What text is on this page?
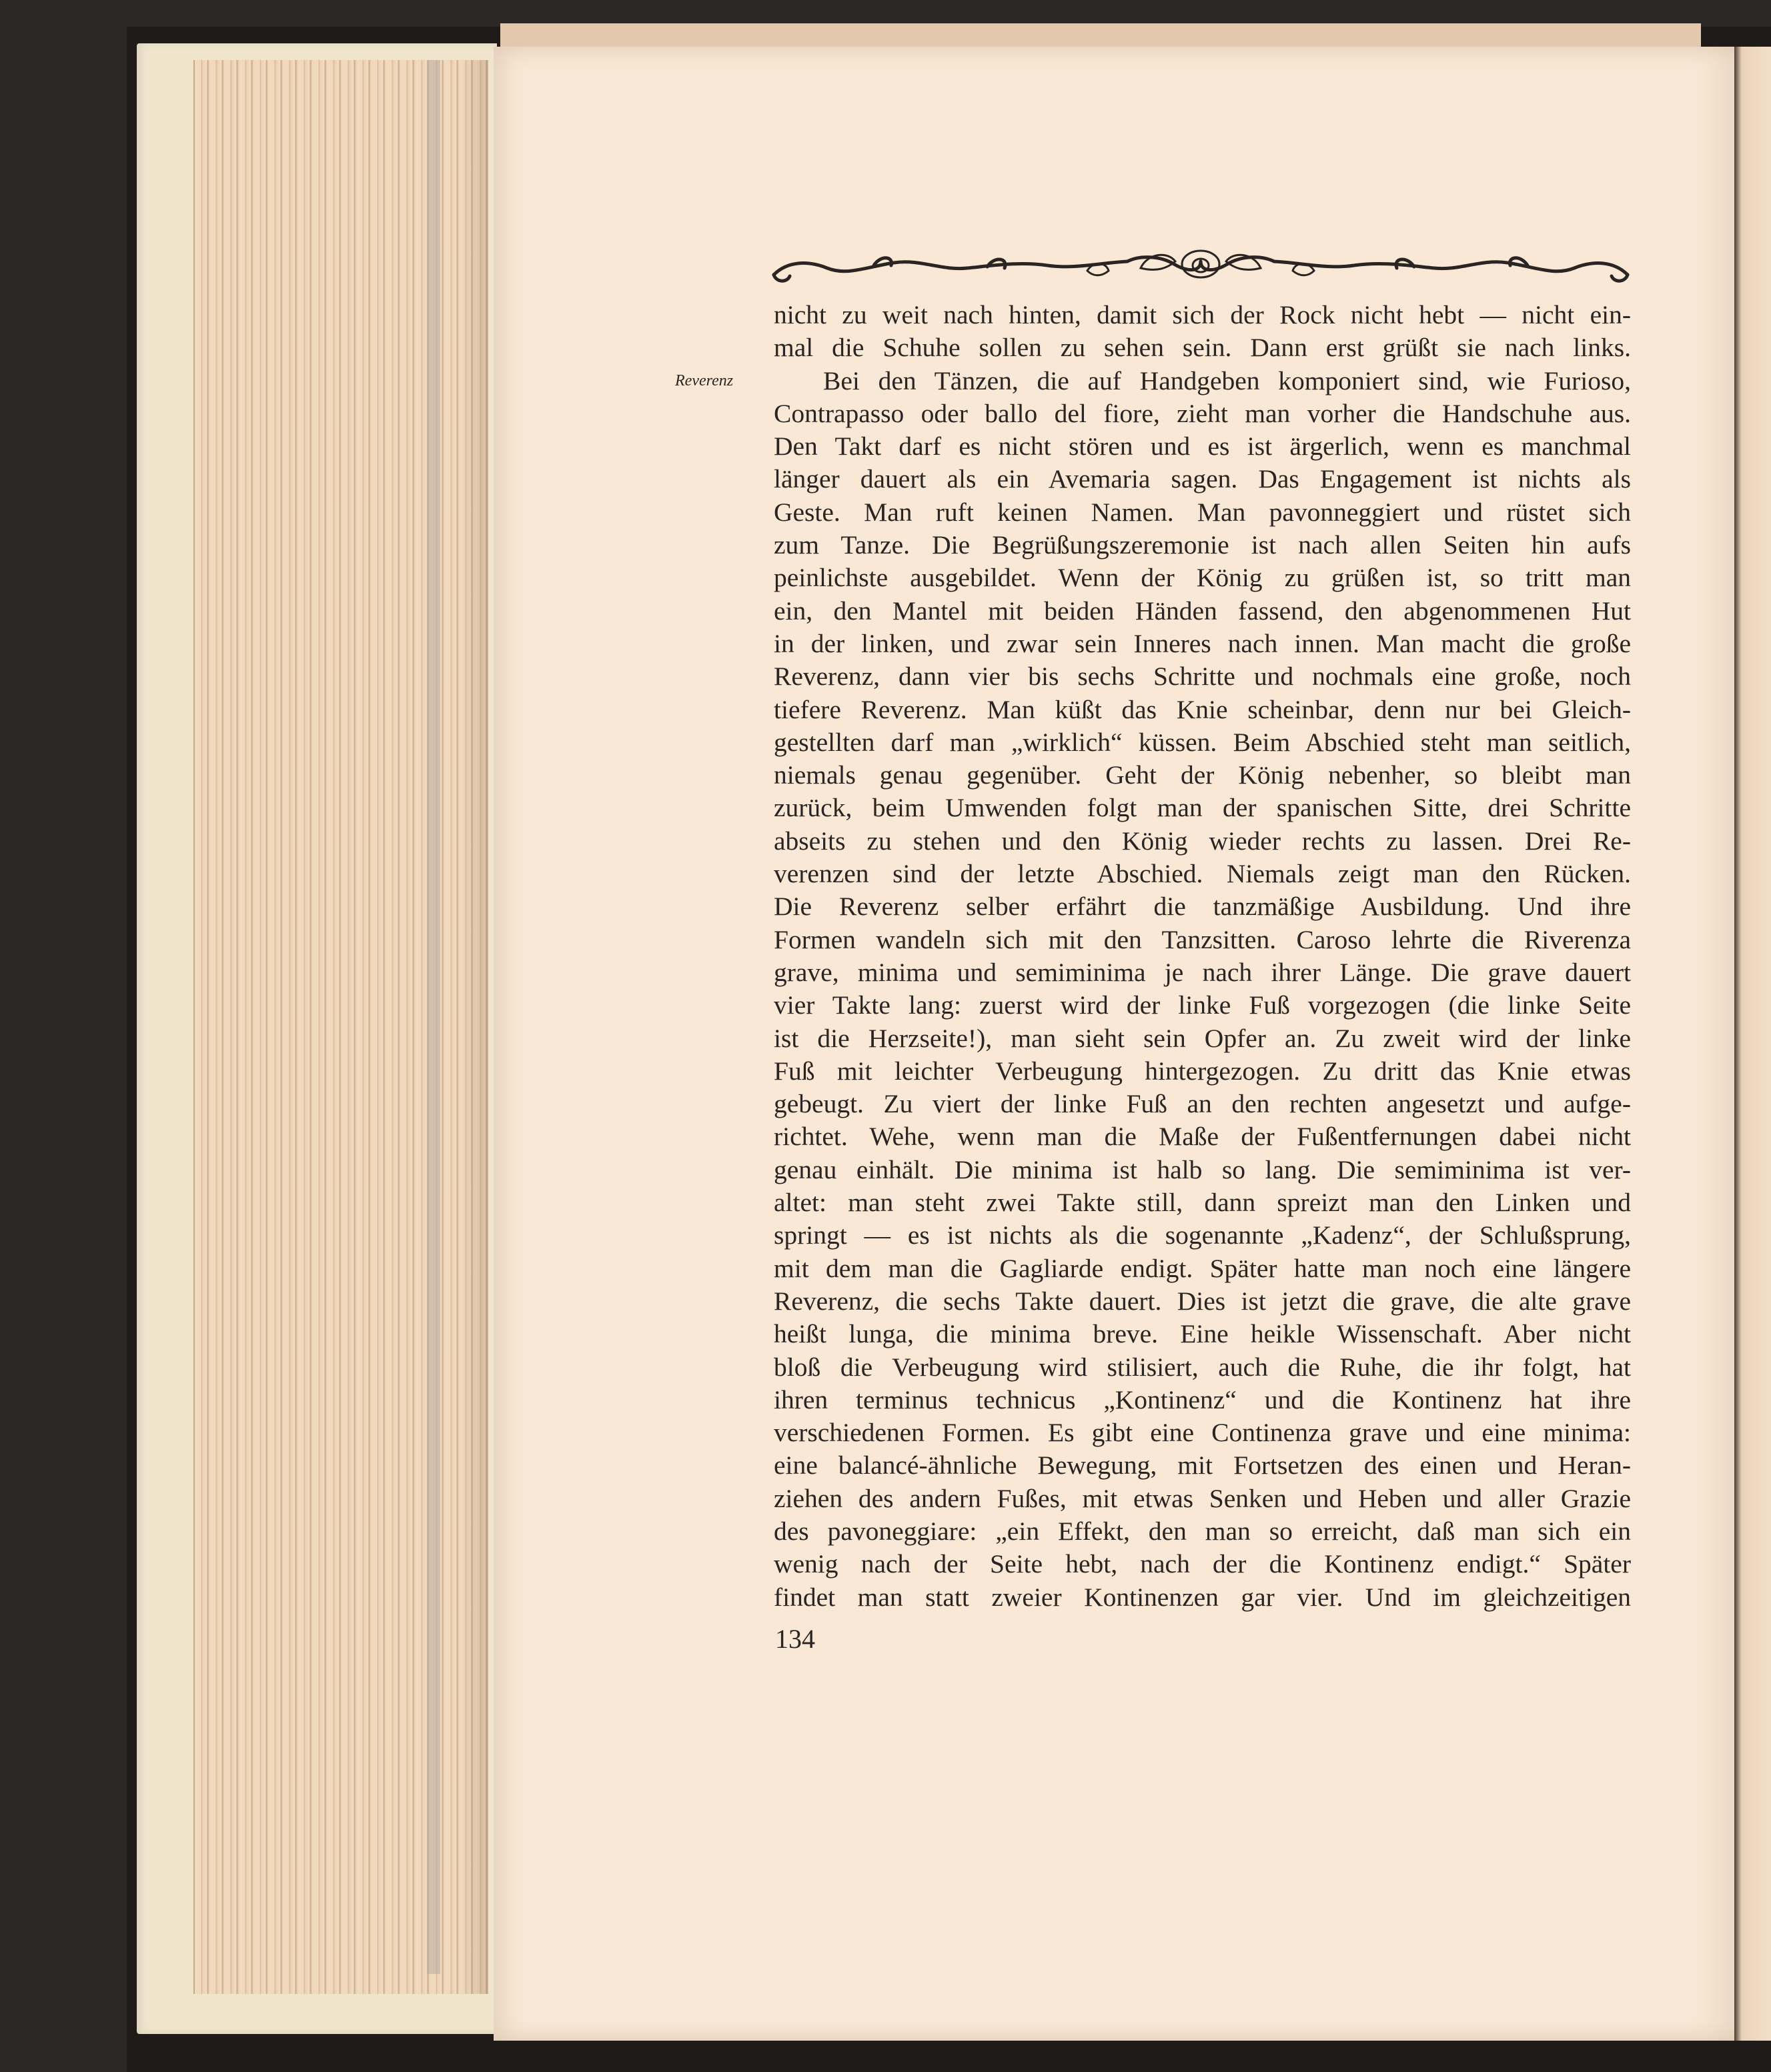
nicht zu weit nach hinten, damit sich der Rock nicht hebt — nicht ein-
mal die Schuhe sollen zu sehen sein. Dann erst grüßt sie nach links.
Bei den Tänzen, die auf Handgeben komponiert sind, wie Furioso,
Contrapasso oder ballo del fiore, zieht man vorher die Handschuhe aus.
Den Takt darf es nicht stören und es ist ärgerlich, wenn es manchmal
länger dauert als ein Avemaria sagen. Das Engagement ist nichts als
Geste. Man ruft keinen Namen. Man pavonneggiert und rüstet sich
zum Tanze. Die Begrüßungszeremonie ist nach allen Seiten hin aufs
peinlichste ausgebildet. Wenn der König zu grüßen ist, so tritt man
ein, den Mantel mit beiden Händen fassend, den abgenommenen Hut
in der linken, und zwar sein Inneres nach innen. Man macht die große
Reverenz, dann vier bis sechs Schritte und nochmals eine große, noch
tiefere Reverenz. Man küßt das Knie scheinbar, denn nur bei Gleich-
gestellten darf man „wirklich“ küssen. Beim Abschied steht man seitlich,
niemals genau gegenüber. Geht der König nebenher, so bleibt man
zurück, beim Umwenden folgt man der spanischen Sitte, drei Schritte
abseits zu stehen und den König wieder rechts zu lassen. Drei Re-
verenzen sind der letzte Abschied. Niemals zeigt man den Rücken.
Die Reverenz selber erfährt die tanzmäßige Ausbildung. Und ihre
Formen wandeln sich mit den Tanzsitten. Caroso lehrte die Riverenza
grave, minima und semiminima je nach ihrer Länge. Die grave dauert
vier Takte lang: zuerst wird der linke Fuß vorgezogen (die linke Seite
ist die Herzseite!), man sieht sein Opfer an. Zu zweit wird der linke
Fuß mit leichter Verbeugung hintergezogen. Zu dritt das Knie etwas
gebeugt. Zu viert der linke Fuß an den rechten angesetzt und aufge-
richtet. Wehe, wenn man die Maße der Fußentfernungen dabei nicht
genau einhält. Die minima ist halb so lang. Die semiminima ist ver-
altet: man steht zwei Takte still, dann spreizt man den Linken und
springt — es ist nichts als die sogenannte „Kadenz“, der Schlußsprung,
mit dem man die Gagliarde endigt. Später hatte man noch eine längere
Reverenz, die sechs Takte dauert. Dies ist jetzt die grave, die alte grave
heißt lunga, die minima breve. Eine heikle Wissenschaft. Aber nicht
bloß die Verbeugung wird stilisiert, auch die Ruhe, die ihr folgt, hat
ihren terminus technicus „Kontinenz“ und die Kontinenz hat ihre
verschiedenen Formen. Es gibt eine Continenza grave und eine minima:
eine balancé-ähnliche Bewegung, mit Fortsetzen des einen und Heran-
ziehen des andern Fußes, mit etwas Senken und Heben und aller Grazie
des pavoneggiare: „ein Effekt, den man so erreicht, daß man sich ein
wenig nach der Seite hebt, nach der die Kontinenz endigt.“ Später
findet man statt zweier Kontinenzen gar vier. Und im gleichzeitigen
Reverenz
134
